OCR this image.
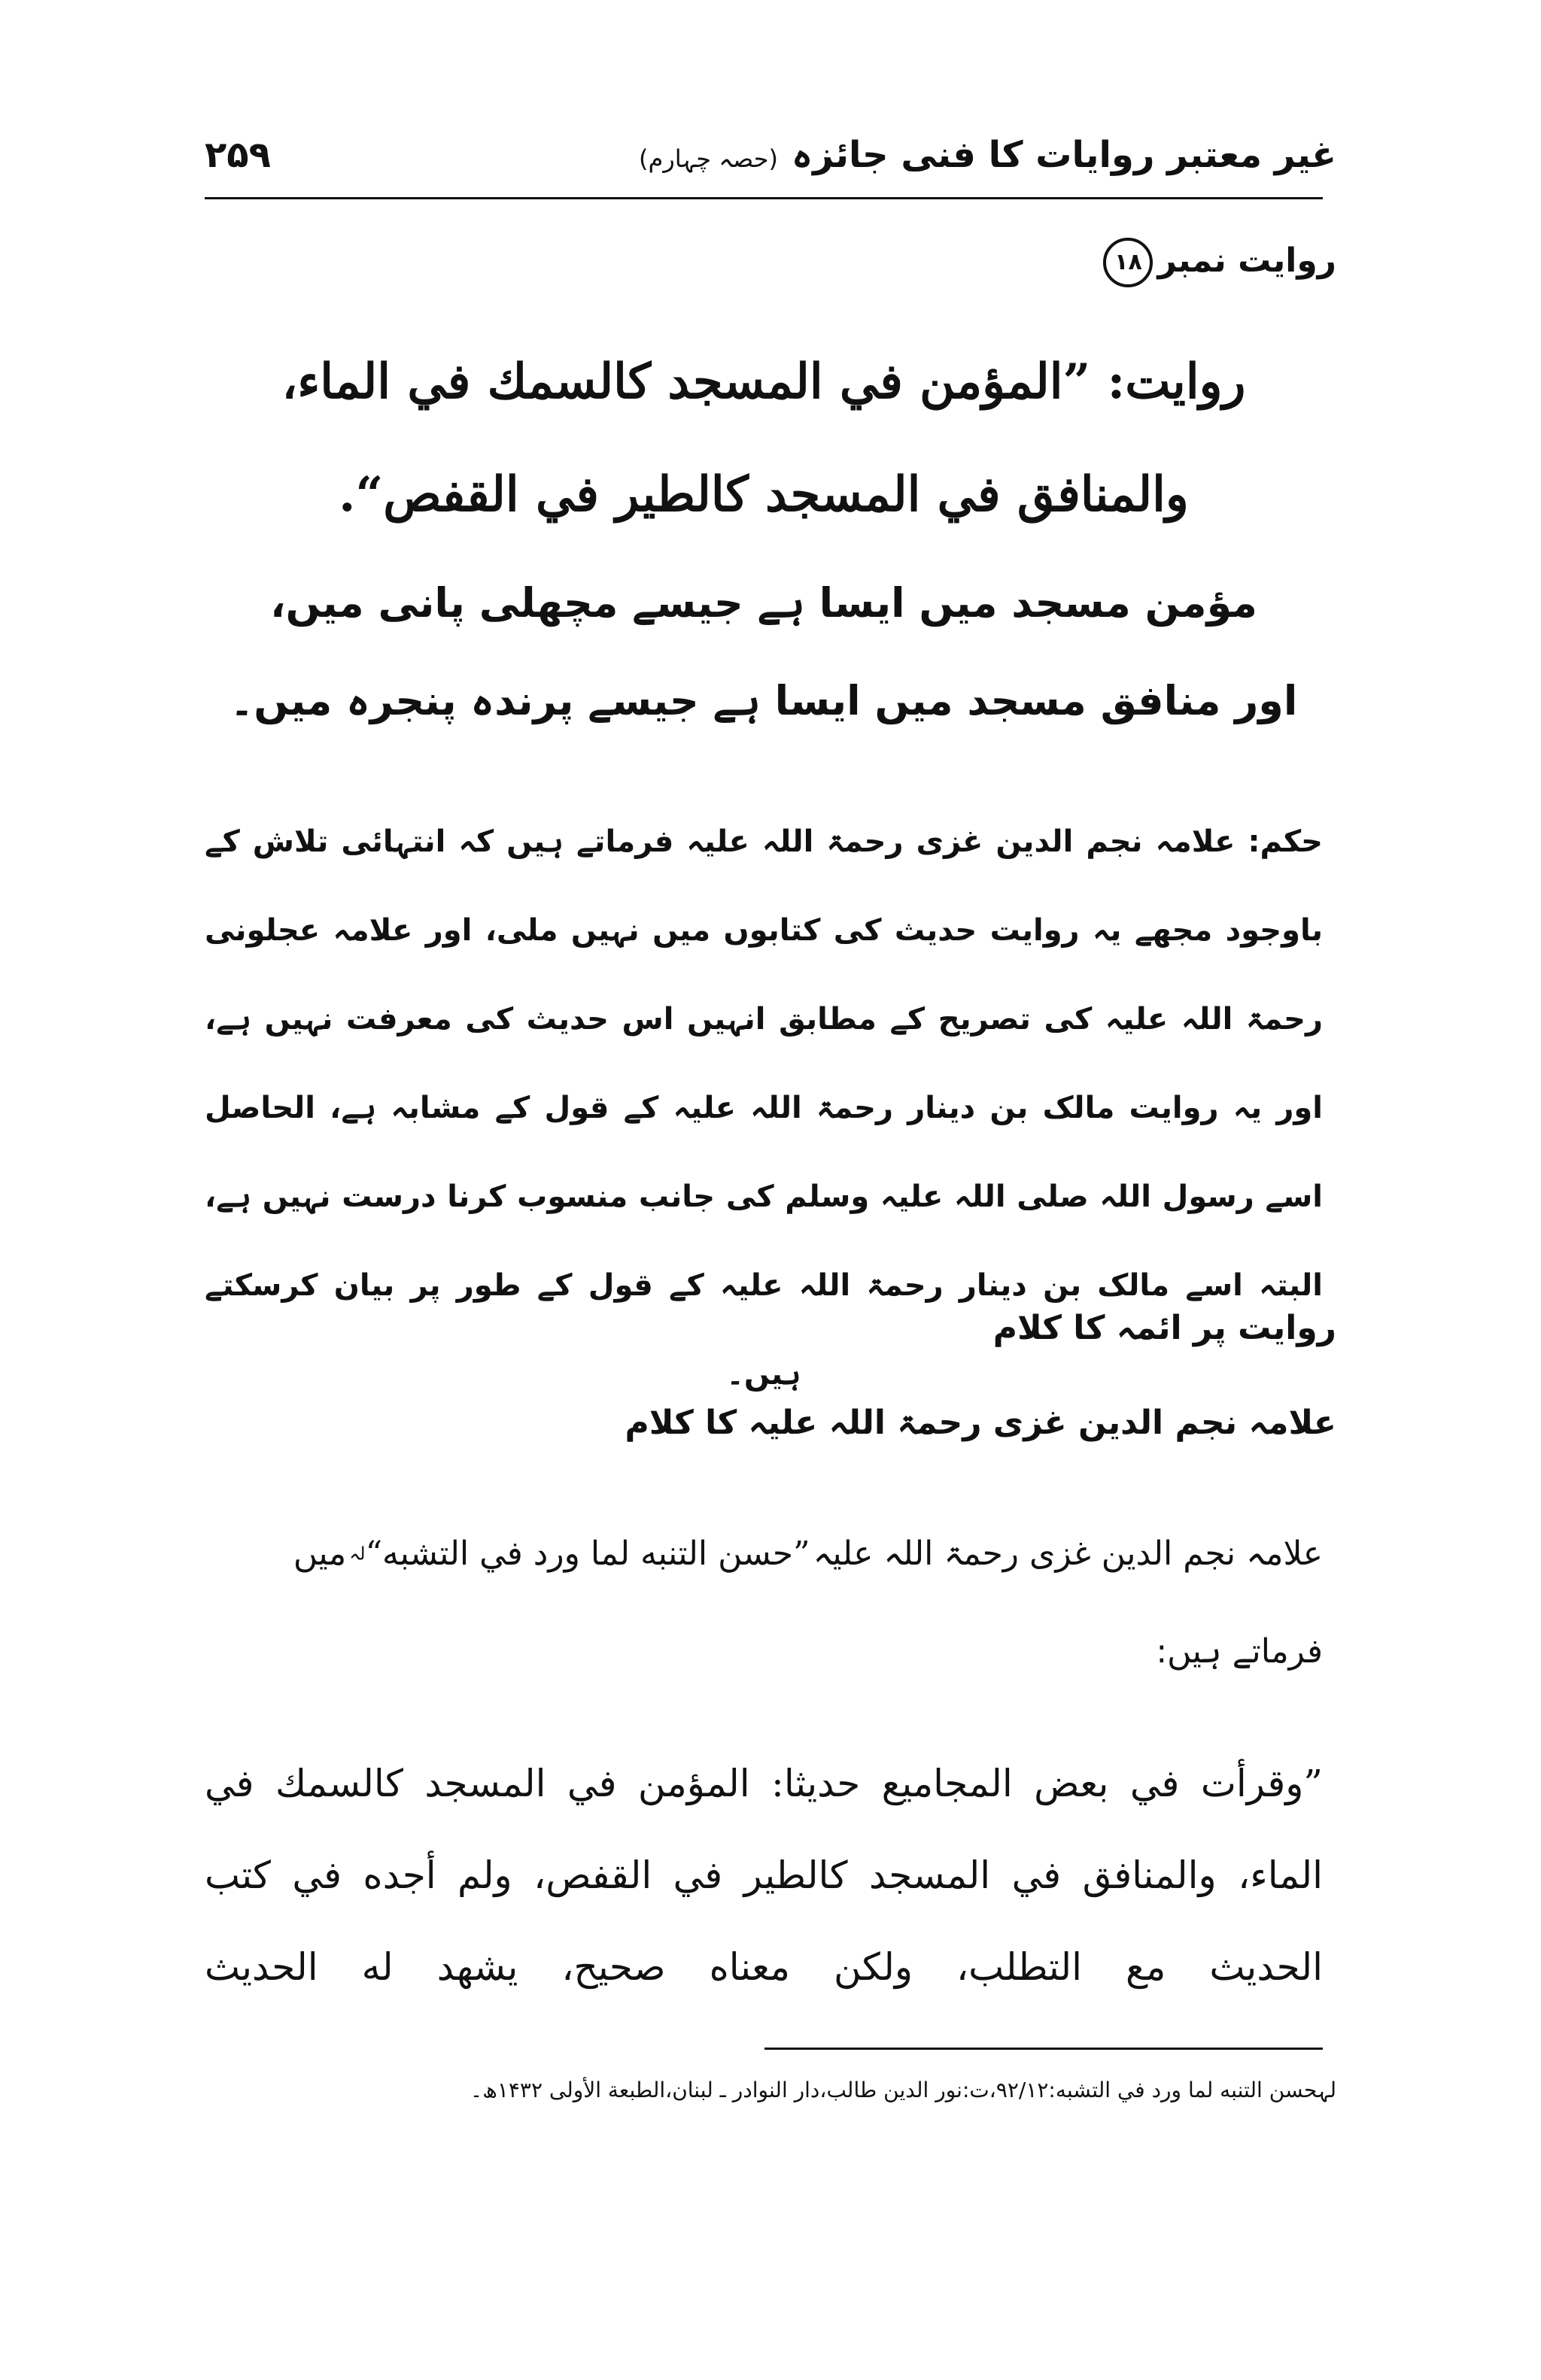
غیر معتبر روایات کا فنی جائزہ(حصہ چہارم)
۲۵۹
روایت نمبر۱۸
روایت: ”المؤمن في المسجد كالسمك في الماء،
والمنافق في المسجد كالطير في القفص“.
مؤمن مسجد میں ایسا ہے جیسے مچھلی پانی میں،
اور منافق مسجد میں ایسا ہے جیسے پرندہ پنجرہ میں۔
حکم: علامہ نجم الدین غزی رحمۃ اللہ علیہ فرماتے ہیں کہ انتہائی تلاش کے باوجود مجھے یہ روایت حدیث کی کتابوں میں نہیں ملی، اور علامہ عجلونی رحمۃ اللہ علیہ کی تصریح کے مطابق انہیں اس حدیث کی معرفت نہیں ہے، اور یہ روایت مالک بن دینار رحمۃ اللہ علیہ کے قول کے مشابہ ہے، الحاصل اسے رسول اللہ صلی اللہ علیہ وسلم کی جانب منسوب کرنا درست نہیں ہے، البتہ اسے مالک بن دینار رحمۃ اللہ علیہ کے قول کے طور پر بیان کرسکتے ہیں۔
روایت پر ائمہ کا کلام
علامہ نجم الدین غزی رحمۃ اللہ علیہ کا کلام
علامہ نجم الدین غزی رحمۃ اللہ علیہ ”حسن التنبه لما ورد في التشبه“$^{لہ}$ میں
فرماتے ہیں:
”وقرأت في بعض المجاميع حديثا: المؤمن في المسجد كالسمك في الماء، والمنافق في المسجد كالطير في القفص، ولم أجده في كتب الحديث مع التطلب، ولكن معناه صحيح، يشهد له الحديث
لہحسن التنبه لما ورد في التشبه:۹۲/۱۲،ت:نور الدين طالب،دار النوادر ـ لبنان،الطبعة الأولى ۱۴۳۲ھ۔
